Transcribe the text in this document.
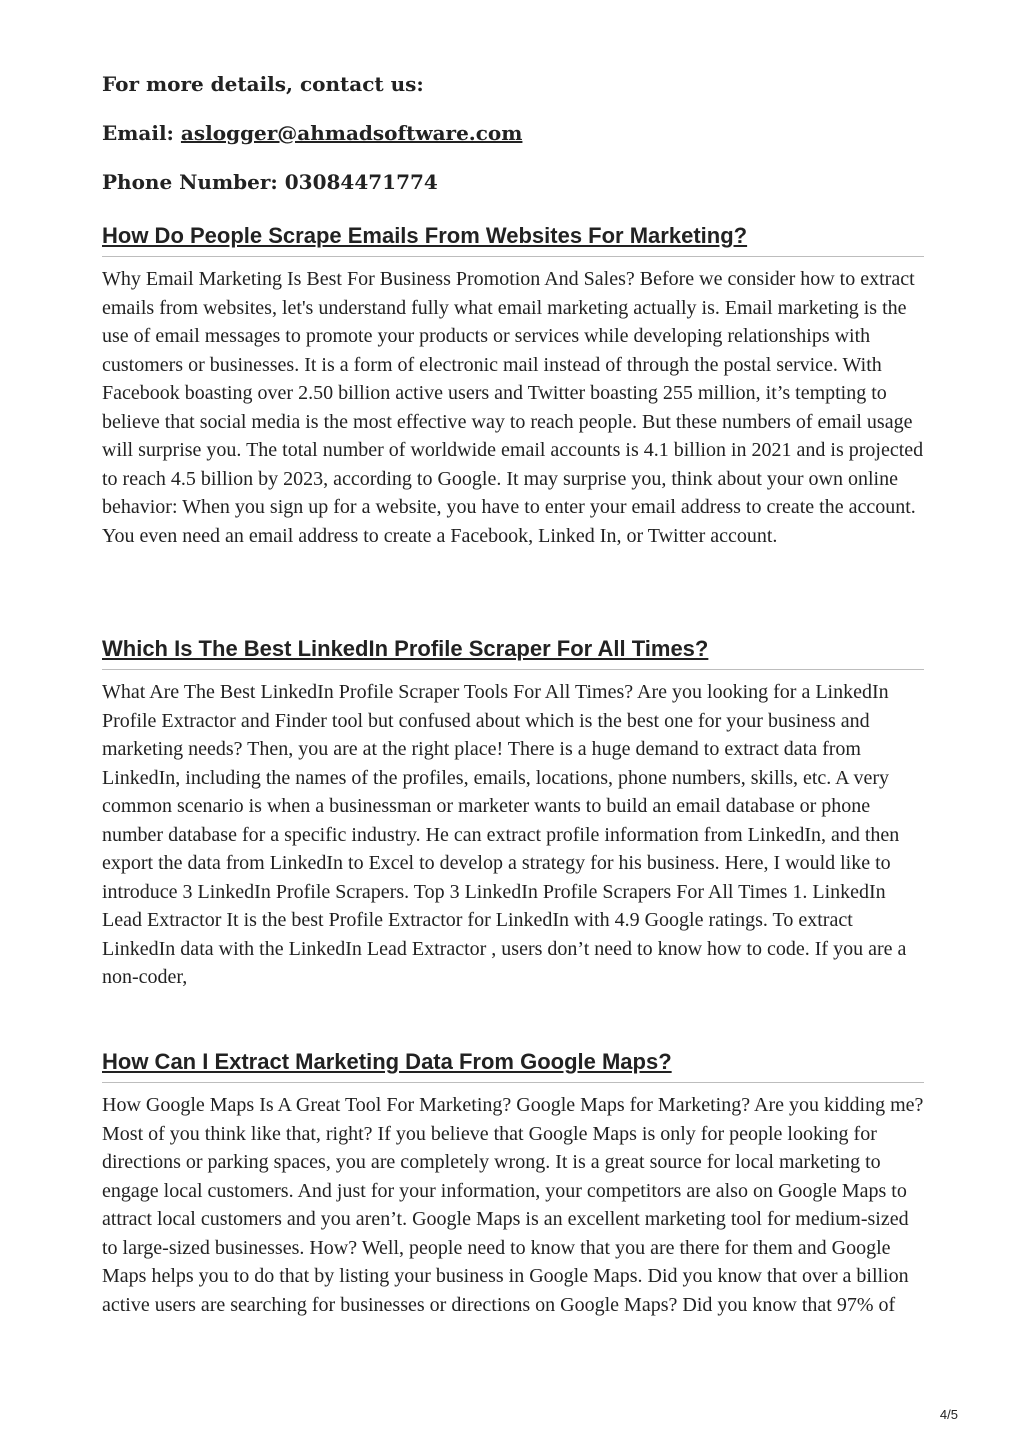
For more details, contact us:

Email: aslogger@ahmadsoftware.com

Phone Number: 03084471774

How Do People Scrape Emails From Websites For Marketing?

Why Email Marketing Is Best For Business Promotion And Sales? Before we consider how to extract emails from websites, let's understand fully what email marketing actually is. Email marketing is the use of email messages to promote your products or services while developing relationships with customers or businesses. It is a form of electronic mail instead of through the postal service. With Facebook boasting over 2.50 billion active users and Twitter boasting 255 million, it’s tempting to believe that social media is the most effective way to reach people. But these numbers of email usage will surprise you. The total number of worldwide email accounts is 4.1 billion in 2021 and is projected to reach 4.5 billion by 2023, according to Google. It may surprise you, think about your own online behavior: When you sign up for a website, you have to enter your email address to create the account. You even need an email address to create a Facebook, Linked In, or Twitter account.

Which Is The Best LinkedIn Profile Scraper For All Times?

What Are The Best LinkedIn Profile Scraper Tools For All Times? Are you looking for a LinkedIn Profile Extractor and Finder tool but confused about which is the best one for your business and marketing needs? Then, you are at the right place! There is a huge demand to extract data from LinkedIn, including the names of the profiles, emails, locations, phone numbers, skills, etc. A very common scenario is when a businessman or marketer wants to build an email database or phone number database for a specific industry. He can extract profile information from LinkedIn, and then export the data from LinkedIn to Excel to develop a strategy for his business. Here, I would like to introduce 3 LinkedIn Profile Scrapers. Top 3 LinkedIn Profile Scrapers For All Times 1. LinkedIn Lead Extractor It is the best Profile Extractor for LinkedIn with 4.9 Google ratings. To extract LinkedIn data with the LinkedIn Lead Extractor , users don’t need to know how to code. If you are a non-coder,

How Can I Extract Marketing Data From Google Maps?

How Google Maps Is A Great Tool For Marketing? Google Maps for Marketing? Are you kidding me? Most of you think like that, right? If you believe that Google Maps is only for people looking for directions or parking spaces, you are completely wrong. It is a great source for local marketing to engage local customers. And just for your information, your competitors are also on Google Maps to attract local customers and you aren’t. Google Maps is an excellent marketing tool for medium-sized to large-sized businesses. How? Well, people need to know that you are there for them and Google Maps helps you to do that by listing your business in Google Maps. Did you know that over a billion active users are searching for businesses or directions on Google Maps? Did you know that 97% of

4/5
